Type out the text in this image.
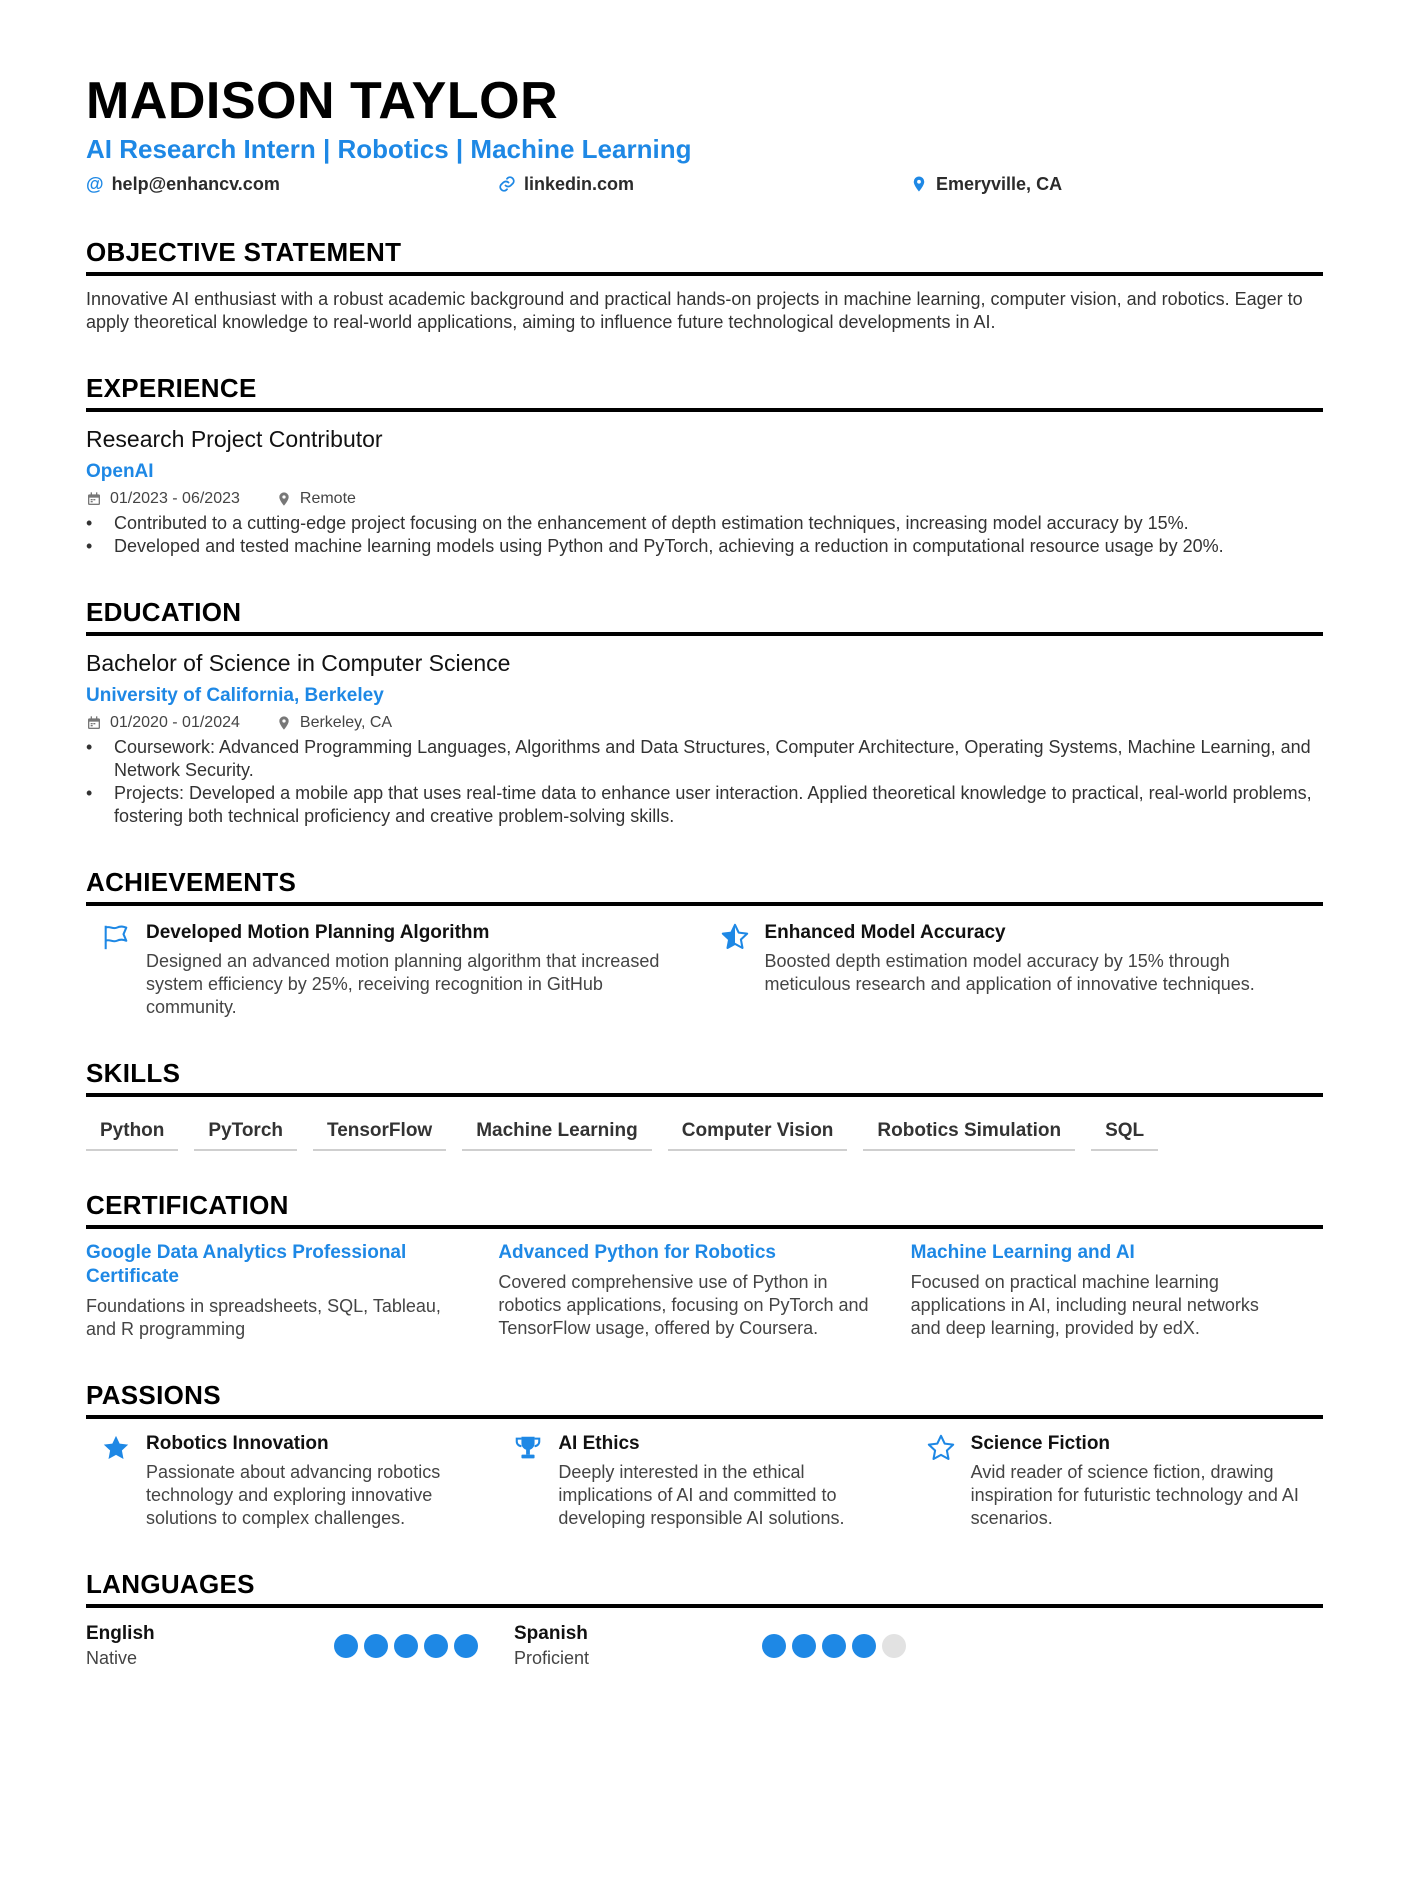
MADISON TAYLOR
AI Research Intern | Robotics | Machine Learning
@ help@enhancv.com	linkedin.com	Emeryville, CA
OBJECTIVE STATEMENT
Innovative AI enthusiast with a robust academic background and practical hands-on projects in machine learning, computer vision, and robotics. Eager to apply theoretical knowledge to real-world applications, aiming to influence future technological developments in AI.
EXPERIENCE
Research Project Contributor
OpenAI
01/2023 - 06/2023	Remote
• Contributed to a cutting-edge project focusing on the enhancement of depth estimation techniques, increasing model accuracy by 15%.
• Developed and tested machine learning models using Python and PyTorch, achieving a reduction in computational resource usage by 20%.
EDUCATION
Bachelor of Science in Computer Science
University of California, Berkeley
01/2020 - 01/2024	Berkeley, CA
• Coursework: Advanced Programming Languages, Algorithms and Data Structures, Computer Architecture, Operating Systems, Machine Learning, and Network Security.
• Projects: Developed a mobile app that uses real-time data to enhance user interaction. Applied theoretical knowledge to practical, real-world problems, fostering both technical proficiency and creative problem-solving skills.
ACHIEVEMENTS
Developed Motion Planning Algorithm
Designed an advanced motion planning algorithm that increased system efficiency by 25%, receiving recognition in GitHub community.
Enhanced Model Accuracy
Boosted depth estimation model accuracy by 15% through meticulous research and application of innovative techniques.
SKILLS
Python	PyTorch	TensorFlow	Machine Learning	Computer Vision	Robotics Simulation	SQL
CERTIFICATION
Google Data Analytics Professional Certificate
Foundations in spreadsheets, SQL, Tableau, and R programming
Advanced Python for Robotics
Covered comprehensive use of Python in robotics applications, focusing on PyTorch and TensorFlow usage, offered by Coursera.
Machine Learning and AI
Focused on practical machine learning applications in AI, including neural networks and deep learning, provided by edX.
PASSIONS
Robotics Innovation
Passionate about advancing robotics technology and exploring innovative solutions to complex challenges.
AI Ethics
Deeply interested in the ethical implications of AI and committed to developing responsible AI solutions.
Science Fiction
Avid reader of science fiction, drawing inspiration for futuristic technology and AI scenarios.
LANGUAGES
English
Native
Spanish
Proficient
